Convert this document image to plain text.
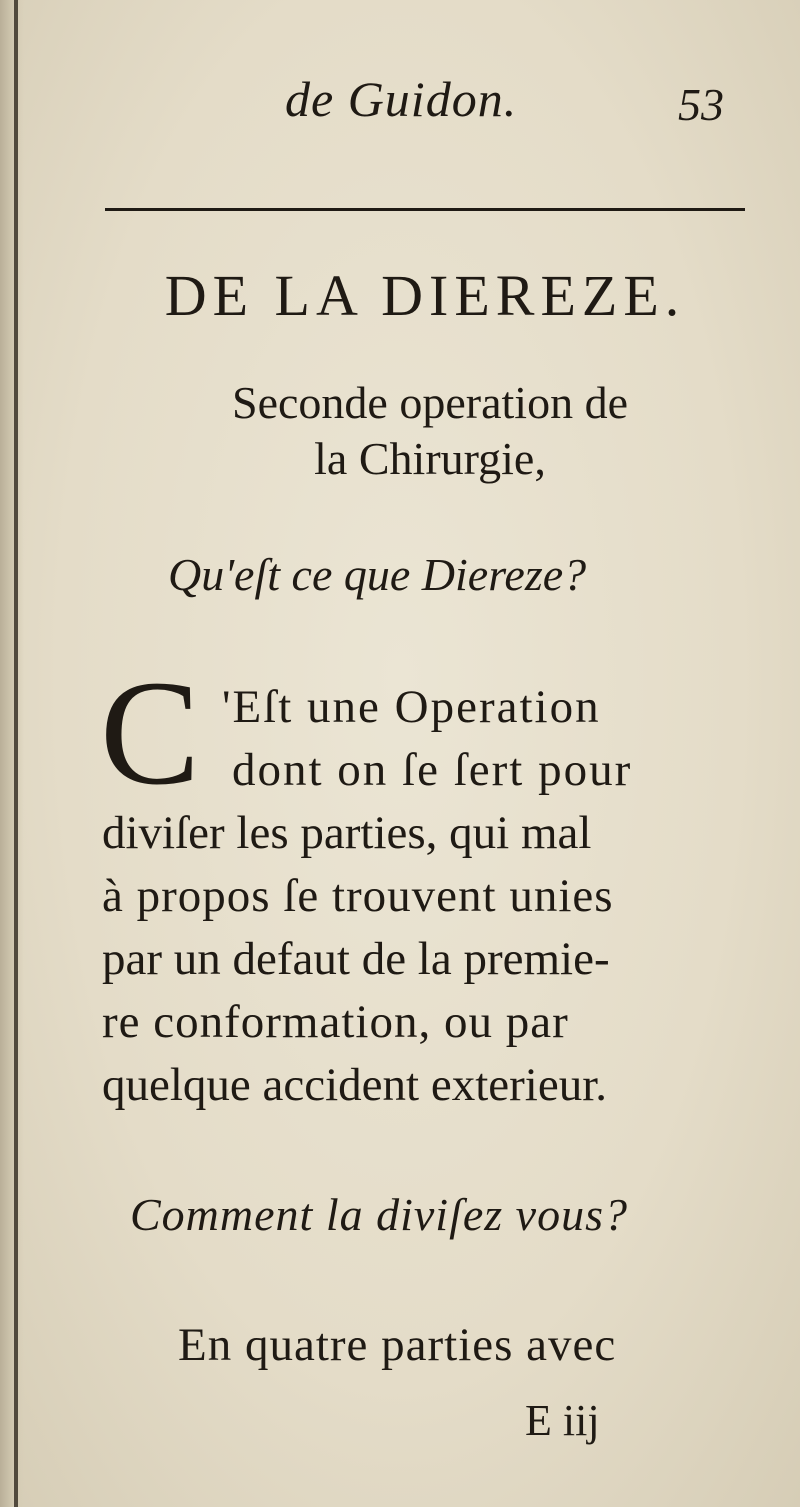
de Guidon.	53
DE LA DIEREZE.
Seconde operation de
la Chirurgie,
Qu'eſt ce que Diereze?
C 'Eſt une Operation
dont on ſe ſert pour
diviſer les parties, qui mal
à propos ſe trouvent unies
par un defaut de la premie-
re conformation, ou par
quelque accident exterieur.
Comment la diviſez vous?
En quatre parties avec
E iij
